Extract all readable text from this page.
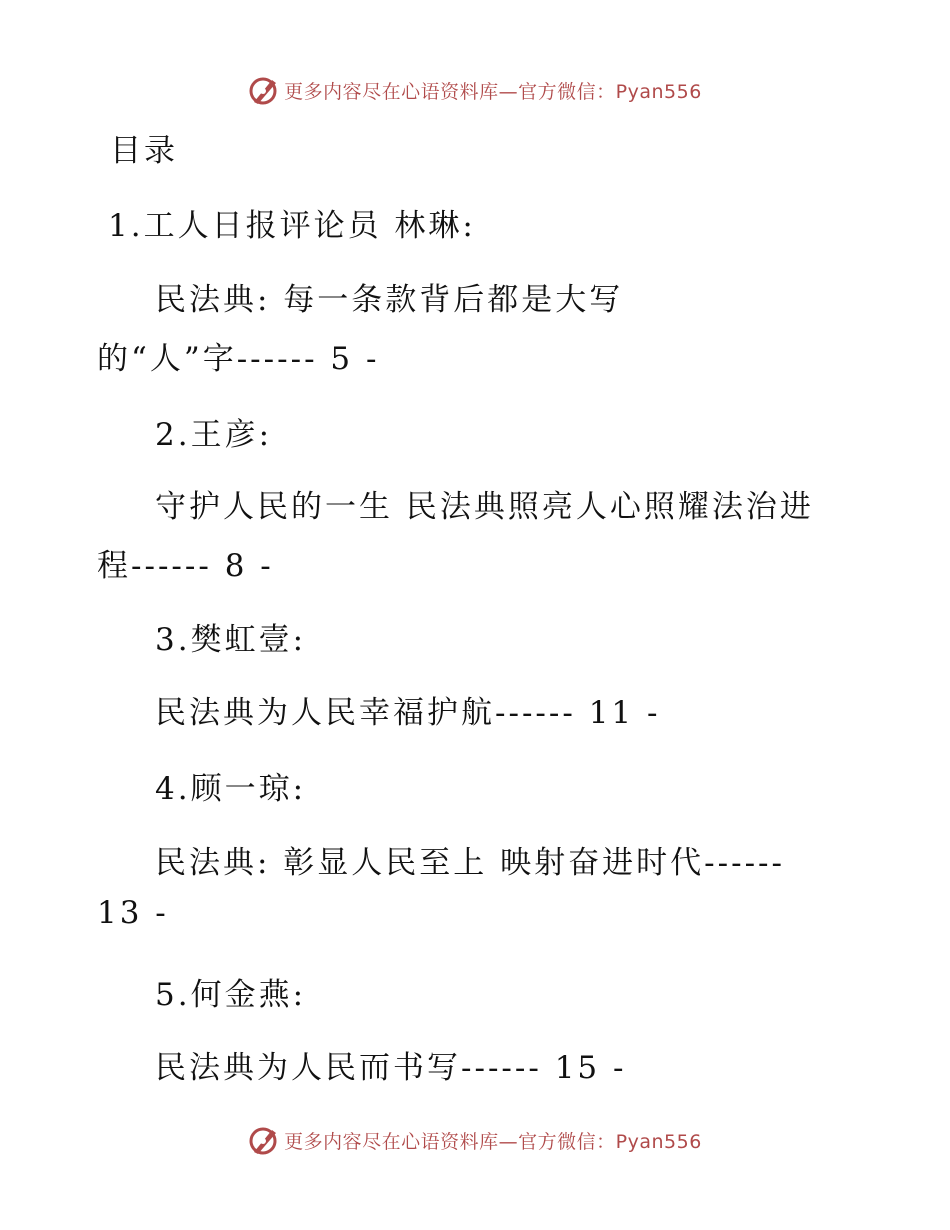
更多内容尽在心语资料库—官方微信：Pyan556
目录
1.工人日报评论员 林琳:
民法典: 每一条款背后都是大写
的“人”字------ 5 -
2.王彦:
守护人民的一生 民法典照亮人心照耀法治进
程------ 8 -
3.樊虹壹:
民法典为人民幸福护航------ 11 -
4.顾一琼:
民法典: 彰显人民至上 映射奋进时代------
13 -
5.何金燕:
民法典为人民而书写------ 15 -
更多内容尽在心语资料库—官方微信：Pyan556
